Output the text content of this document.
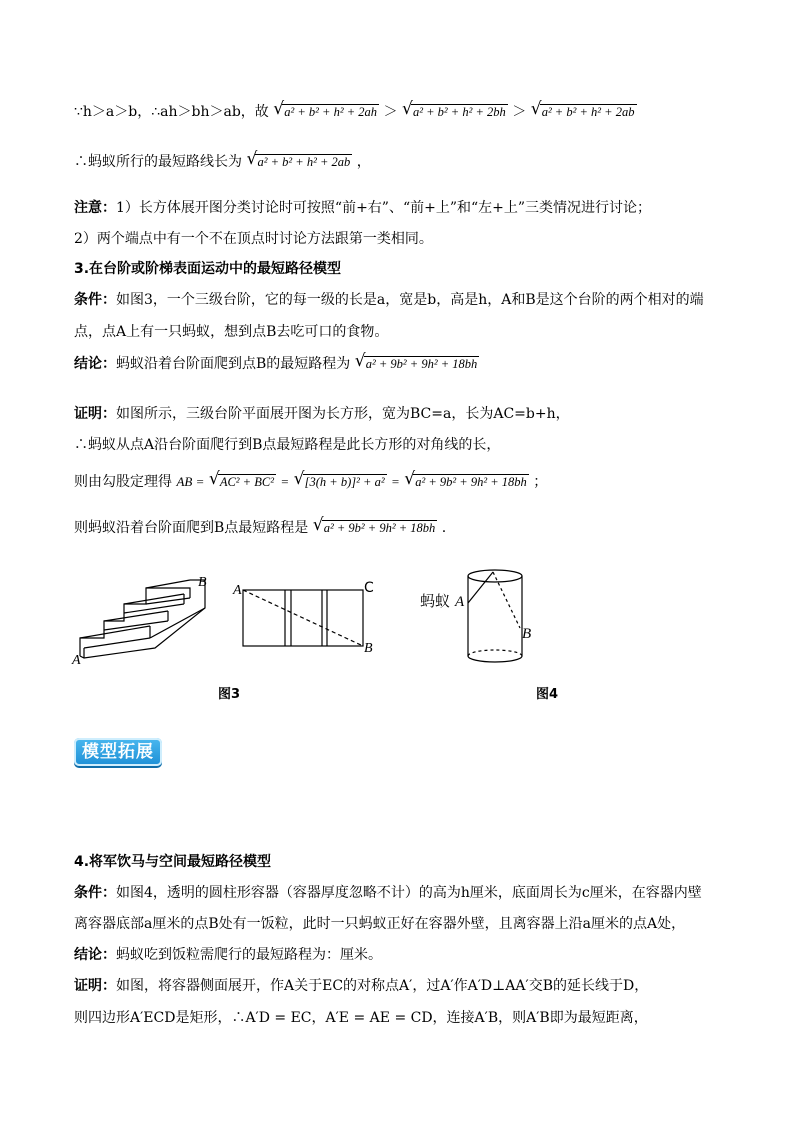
∵h＞a＞b，∴ah＞bh＞ab，故 √ a² + b² + h² + 2ah ＞ √ a² + b² + h² + 2bh ＞ √ a² + b² + h² + 2ab
∴蚂蚁所行的最短路线长为 √ a² + b² + h² + 2ab ，
注意：1）长方体展开图分类讨论时可按照“前+右”、“前+上”和“左+上”三类情况进行讨论；
2）两个端点中有一个不在顶点时讨论方法跟第一类相同。
3.在台阶或阶梯表面运动中的最短路径模型
条件：如图3，一个三级台阶，它的每一级的长是a，宽是b，高是h，A和B是这个台阶的两个相对的端
点，点A上有一只蚂蚁，想到点B去吃可口的食物。
结论：蚂蚁沿着台阶面爬到点B的最短路程为 √ a² + 9b² + 9h² + 18bh
证明：如图所示，三级台阶平面展开图为长方形，宽为BC=a，长为AC=b+h，
∴蚂蚁从点A沿台阶面爬行到B点最短路程是此长方形的对角线的长，
则由勾股定理得 AB = √ AC² + BC² = √ [3(h + b)]² + a² = √ a² + 9b² + 9h² + 18bh ；
则蚂蚁沿着台阶面爬到B点最短路程是 √ a² + 9b² + 9h² + 18bh .
A
B
A	C
B
蚂蚁 A
B
图3	图4
模型拓展
4.将军饮马与空间最短路径模型
条件：如图4，透明的圆柱形容器（容器厚度忽略不计）的高为h厘米，底面周长为c厘米，在容器内壁
离容器底部a厘米的点B处有一饭粒，此时一只蚂蚁正好在容器外壁，且离容器上沿a厘米的点A处，
结论：蚂蚁吃到饭粒需爬行的最短路程为：厘米。
证明：如图，将容器侧面展开，作A关于EC的对称点A′，过A′作A′D⊥AA′交B的延长线于D，
则四边形A′ECD是矩形，∴A′D = EC，A′E = AE = CD，连接A′B，则A′B即为最短距离，
